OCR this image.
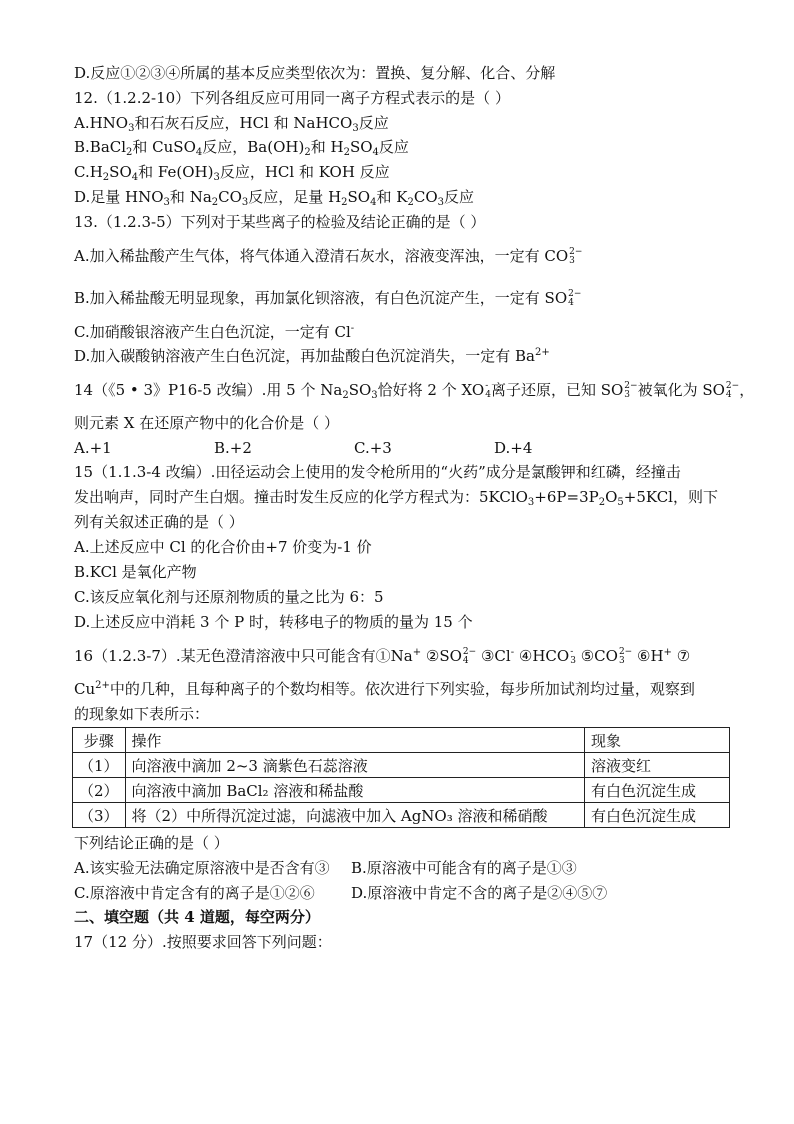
D.反应①②③④所属的基本反应类型依次为：置换、复分解、化合、分解
12.（1.2.2-10）下列各组反应可用同一离子方程式表示的是（ ）
$A.HNO_3$和石灰石反应，HCl 和 NaHCO$_3$反应
B.BaCl$_2$和 CuSO$_4$反应，$Ba(OH)_2$和 $H_2SO_4$反应
$C.H_2SO_4$和 $Fe(OH)_3$反应，HCl 和 KOH 反应
D.足量 $HNO_3$和 $Na_2CO_3$反应，足量 $H_2SO_4$和 $K_2CO_3$反应
13.（1.2.3-5）下列对于某些离子的检验及结论正确的是（ ）
A.加入稀盐酸产生气体，将气体通入澄清石灰水，溶液变浑浊，一定有 CO 2−
3
B.加入稀盐酸无明显现象，再加氯化钡溶液，有白色沉淀产生，一定有 SO 2−
4
C.加硝酸银溶液产生白色沉淀，一定有 Cl-
D.加入碳酸钠溶液产生白色沉淀，再加盐酸白色沉淀消失，一定有 $Ba^{2+}$
14（《5 • 3》P16-5 改编）.用 5 个 $Na_2SO_3$恰好将 2 个 XO -
4 离子还原，已知 SO 2−
3 被氧化为 SO 2−
4 ，
则元素 X 在还原产物中的化合价是（ ）
A.+1	B.+2	C.+3	D.+4
15（1.1.3-4 改编）.田径运动会上使用的发令枪所用的“火药”成分是氯酸钾和红磷，经撞击
发出响声，同时产生白烟。撞击时发生反应的化学方程式为：$5KClO_3+6P=3P_2O_5+5KCl$，则下
列有关叙述正确的是（ ）
A.上述反应中 Cl 的化合价由+7 价变为-1 价
B.KCl 是氧化产物
C.该反应氧化剂与还原剂物质的量之比为 6：5
D.上述反应中消耗 3 个 P 时，转移电子的物质的量为 15 个
16（1.2.3-7）.某无色澄清溶液中只可能含有①Na+ ②SO 2−
4 ③Cl- ④HCO -
3 ⑤CO 2−
3 ⑥H+ ⑦
$Cu^{2+}$中的几种，且每种离子的个数均相等。依次进行下列实验，每步所加试剂均过量，观察到
的现象如下表所示：
步骤	操作	现象
（1）	向溶液中滴加 2~3 滴紫色石蕊溶液	溶液变红
（2）	向溶液中滴加 BaCl₂ 溶液和稀盐酸	有白色沉淀生成
（3）	将（2）中所得沉淀过滤，向滤液中加入 AgNO₃ 溶液和稀硝酸	有白色沉淀生成
下列结论正确的是（ ）
A.该实验无法确定原溶液中是否含有③ B.原溶液中可能含有的离子是①③
C.原溶液中肯定含有的离子是①②⑥ D.原溶液中肯定不含的离子是②④⑤⑦
二、填空题（共 4 道题，每空两分）
17（12 分）.按照要求回答下列问题：
